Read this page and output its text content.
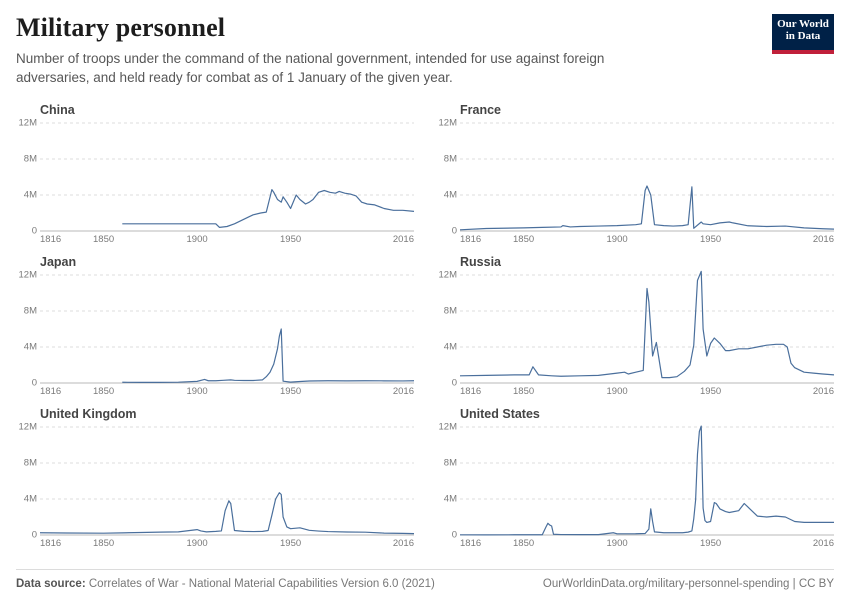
Military personnel

Number of troops under the command of the national government, intended for use against foreign adversaries, and held ready for combat as of 1 January of the given year.

Our World
in Data
China
0
4M
8M
12M
1816	1850	1900	1950	2016
France
0
4M
8M
12M
1816	1850	1900	1950	2016
Japan
0
4M
8M
12M
1816	1850	1900	1950	2016
Russia
0
4M
8M
12M
1816	1850	1900	1950	2016
United Kingdom
0
4M
8M
12M
1816	1850	1900	1950	2016
United States
0
4M
8M
12M
1816	1850	1900	1950	2016
Data source: Correlates of War - National Material Capabilities Version 6.0 (2021)	OurWorldinData.org/military-personnel-spending | CC BY
